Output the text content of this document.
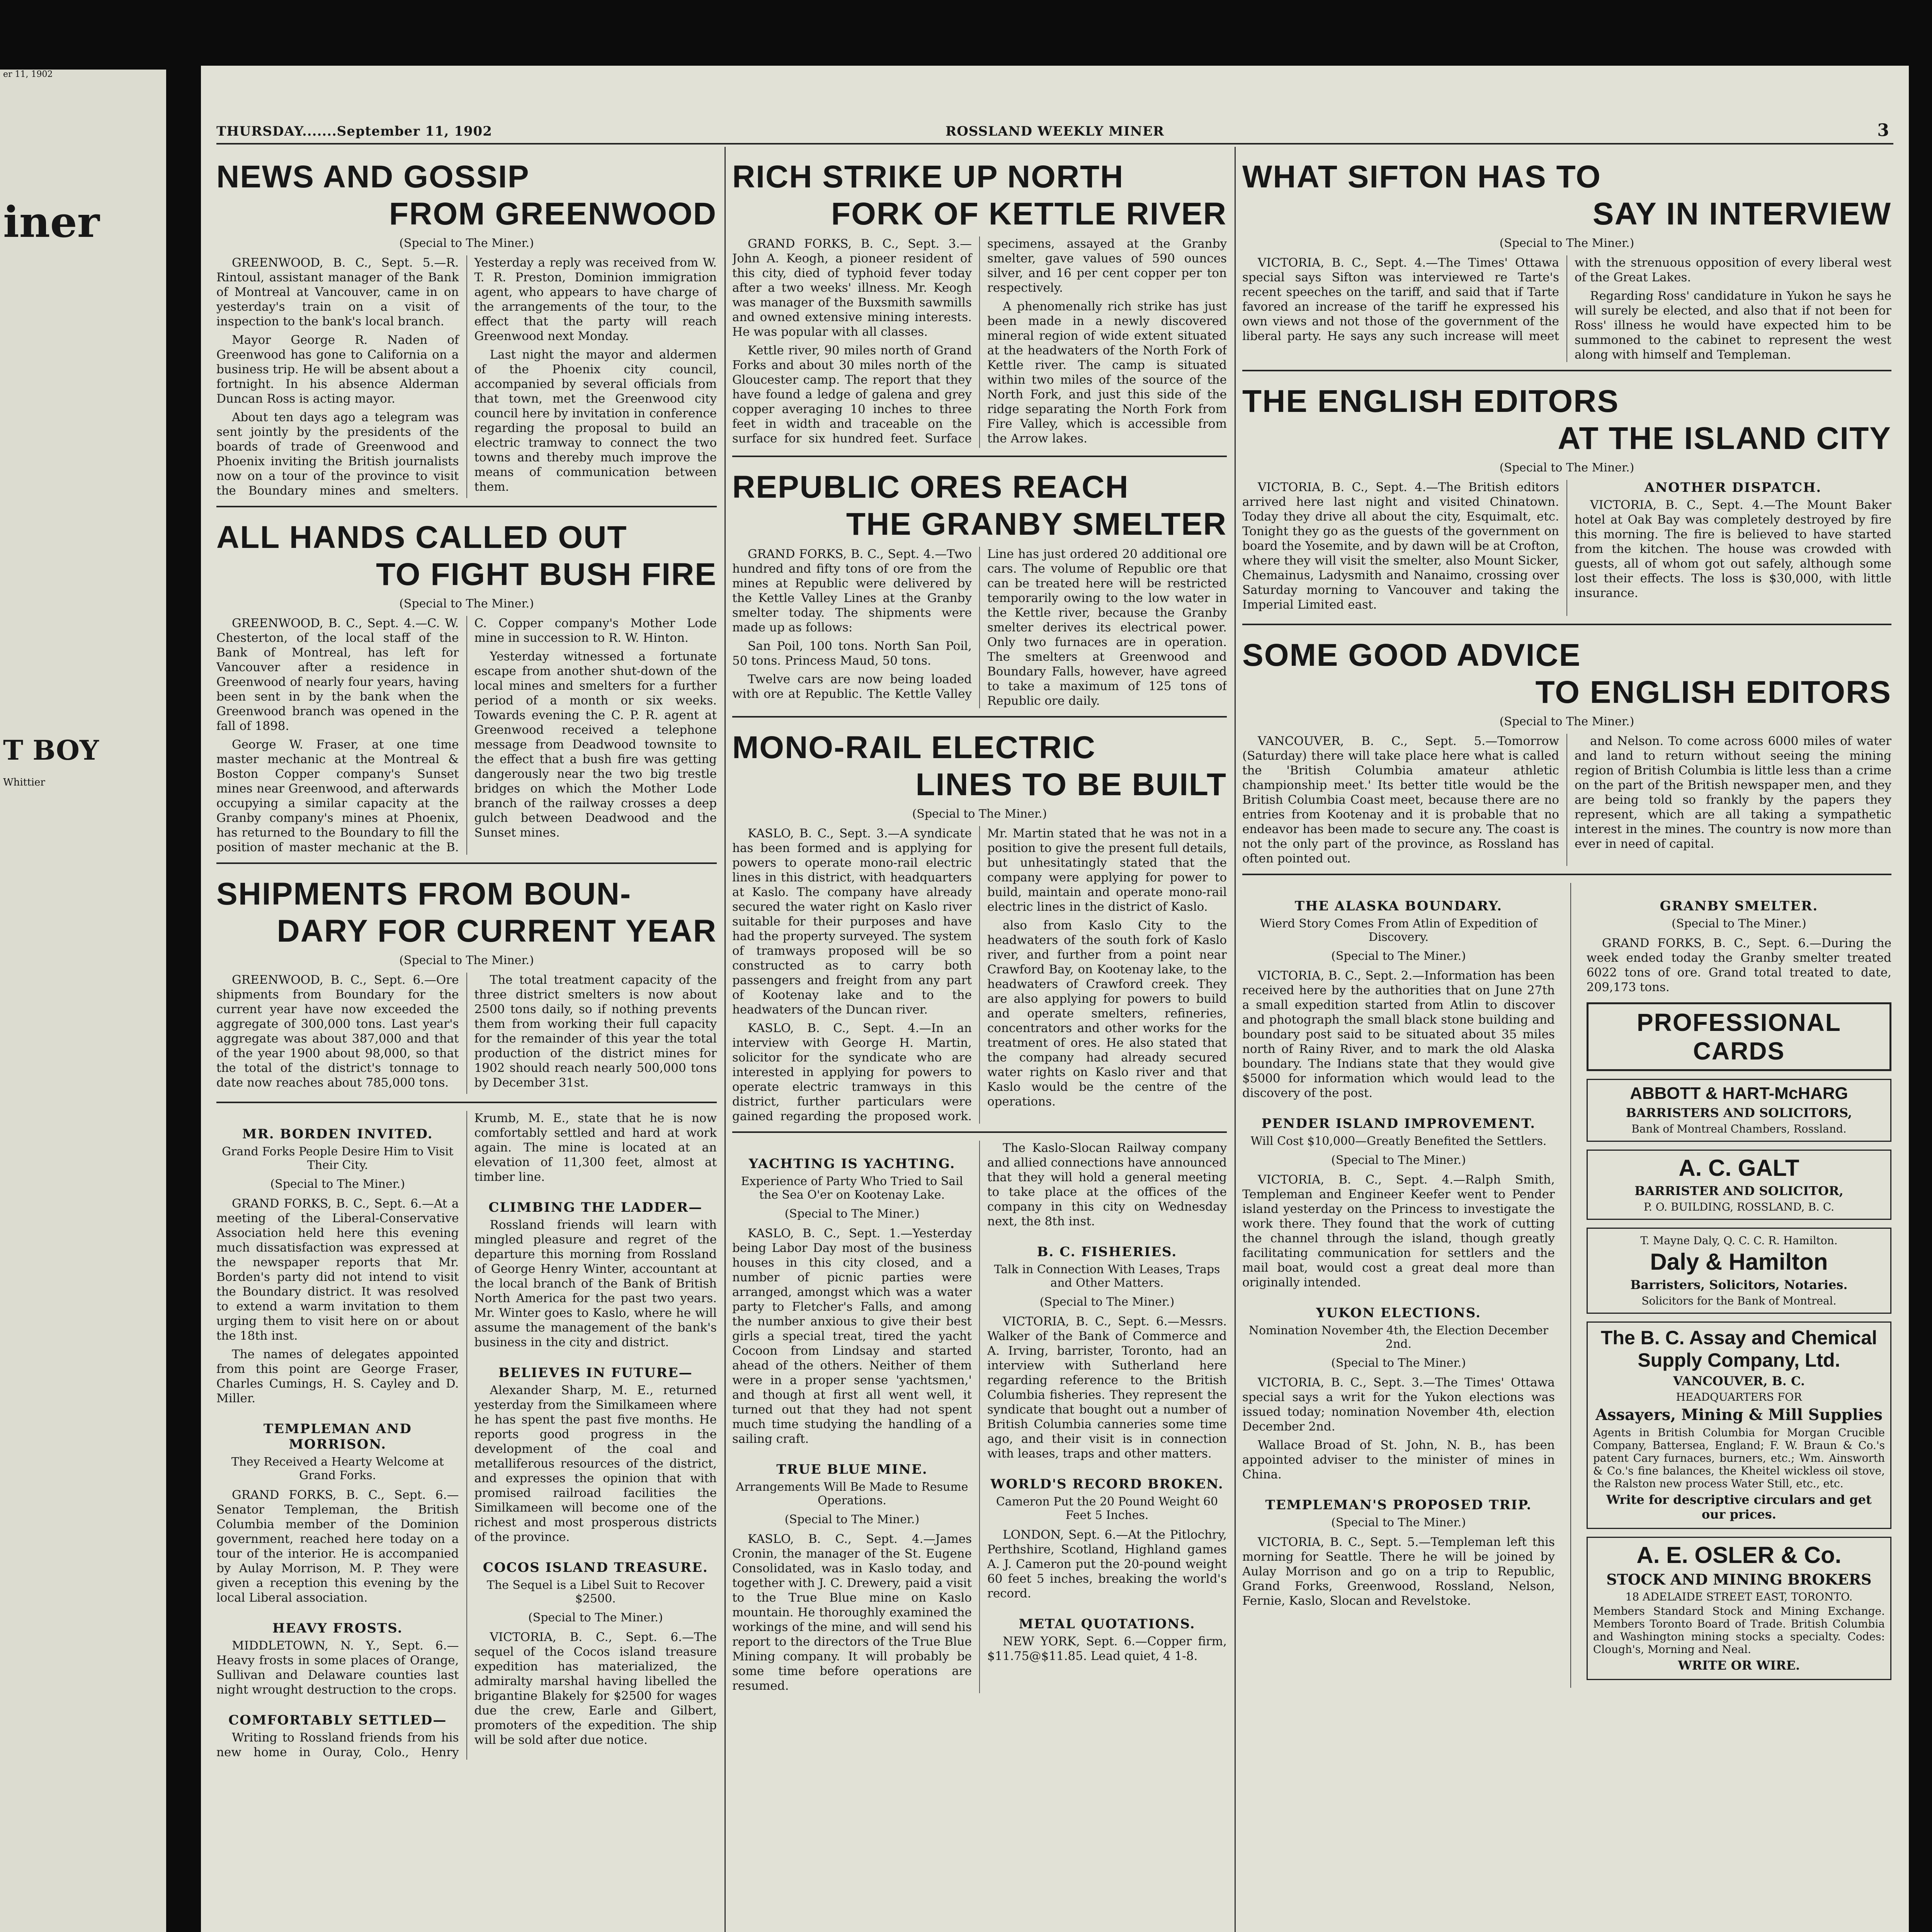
er 11, 1902
iner
T BOY
Whittier
THURSDAY.......September 11, 1902	ROSSLAND WEEKLY MINER	3
NEWS AND GOSSIP
FROM GREENWOOD
(Special to The Miner.)

GREENWOOD, B. C., Sept. 5.—R. Rintoul, assistant manager of the Bank of Montreal at Vancouver, came in on yesterday's train on a visit of inspection to the bank's local branch.

Mayor George R. Naden of Greenwood has gone to California on a business trip. He will be absent about a fortnight. In his absence Alderman Duncan Ross is acting mayor.

About ten days ago a telegram was sent jointly by the presidents of the boards of trade of Greenwood and Phoenix inviting the British journalists now on a tour of the province to visit the Boundary mines and smelters. Yesterday a reply was received from W. T. R. Preston, Dominion immigration agent, who appears to have charge of the arrangements of the tour, to the effect that the party will reach Greenwood next Monday.

Last night the mayor and aldermen of the Phoenix city council, accompanied by several officials from that town, met the Greenwood city council here by invitation in conference regarding the proposal to build an electric tramway to connect the two towns and thereby much improve the means of communication between them.

ALL HANDS CALLED OUT
TO FIGHT BUSH FIRE
(Special to The Miner.)

GREENWOOD, B. C., Sept. 4.—C. W. Chesterton, of the local staff of the Bank of Montreal, has left for Vancouver after a residence in Greenwood of nearly four years, having been sent in by the bank when the Greenwood branch was opened in the fall of 1898.

George W. Fraser, at one time master mechanic at the Montreal & Boston Copper company's Sunset mines near Greenwood, and afterwards occupying a similar capacity at the Granby company's mines at Phoenix, has returned to the Boundary to fill the position of master mechanic at the B. C. Copper company's Mother Lode mine in succession to R. W. Hinton.

Yesterday witnessed a fortunate escape from another shut-down of the local mines and smelters for a further period of a month or six weeks. Towards evening the C. P. R. agent at Greenwood received a telephone message from Deadwood townsite to the effect that a bush fire was getting dangerously near the two big trestle bridges on which the Mother Lode branch of the railway crosses a deep gulch between Deadwood and the Sunset mines.

SHIPMENTS FROM BOUN-
DARY FOR CURRENT YEAR
(Special to The Miner.)

GREENWOOD, B. C., Sept. 6.—Ore shipments from Boundary for the current year have now exceeded the aggregate of 300,000 tons. Last year's aggregate was about 387,000 and that of the year 1900 about 98,000, so that the total of the district's tonnage to date now reaches about 785,000 tons.

The total treatment capacity of the three district smelters is now about 2500 tons daily, so if nothing prevents them from working their full capacity for the remainder of this year the total production of the district mines for 1902 should reach nearly 500,000 tons by December 31st.

MR. BORDEN INVITED.
Grand Forks People Desire Him to Visit Their City.
(Special to The Miner.)

GRAND FORKS, B. C., Sept. 6.—At a meeting of the Liberal-Conservative Association held here this evening much dissatisfaction was expressed at the newspaper reports that Mr. Borden's party did not intend to visit the Boundary district. It was resolved to extend a warm invitation to them urging them to visit here on or about the 18th inst.

The names of delegates appointed from this point are George Fraser, Charles Cumings, H. S. Cayley and D. Miller.

TEMPLEMAN AND MORRISON.
They Received a Hearty Welcome at Grand Forks.

GRAND FORKS, B. C., Sept. 6.—Senator Templeman, the British Columbia member of the Dominion government, reached here today on a tour of the interior. He is accompanied by Aulay Morrison, M. P. They were given a reception this evening by the local Liberal association.

HEAVY FROSTS.

MIDDLETOWN, N. Y., Sept. 6.—Heavy frosts in some places of Orange, Sullivan and Delaware counties last night wrought destruction to the crops.

COMFORTABLY SETTLED—

Writing to Rossland friends from his new home in Ouray, Colo., Henry Krumb, M. E., state that he is now comfortably settled and hard at work again. The mine is located at an elevation of 11,300 feet, almost at timber line.

CLIMBING THE LADDER—

Rossland friends will learn with mingled pleasure and regret of the departure this morning from Rossland of George Henry Winter, accountant at the local branch of the Bank of British North America for the past two years. Mr. Winter goes to Kaslo, where he will assume the management of the bank's business in the city and district.

BELIEVES IN FUTURE—

Alexander Sharp, M. E., returned yesterday from the Similkameen where he has spent the past five months. He reports good progress in the development of the coal and metalliferous resources of the district, and expresses the opinion that with promised railroad facilities the Similkameen will become one of the richest and most prosperous districts of the province.

COCOS ISLAND TREASURE.
The Sequel is a Libel Suit to Recover $2500.
(Special to The Miner.)

VICTORIA, B. C., Sept. 6.—The sequel of the Cocos island treasure expedition has materialized, the admiralty marshal having libelled the brigantine Blakely for $2500 for wages due the crew, Earle and Gilbert, promoters of the expedition. The ship will be sold after due notice.

RICH STRIKE UP NORTH
FORK OF KETTLE RIVER

GRAND FORKS, B. C., Sept. 3.—John A. Keogh, a pioneer resident of this city, died of typhoid fever today after a two weeks' illness. Mr. Keogh was manager of the Buxsmith sawmills and owned extensive mining interests. He was popular with all classes.

Kettle river, 90 miles north of Grand Forks and about 30 miles north of the Gloucester camp. The report that they have found a ledge of galena and grey copper averaging 10 inches to three feet in width and traceable on the surface for six hundred feet. Surface specimens, assayed at the Granby smelter, gave values of 590 ounces silver, and 16 per cent copper per ton respectively.

A phenomenally rich strike has just been made in a newly discovered mineral region of wide extent situated at the headwaters of the North Fork of Kettle river. The camp is situated within two miles of the source of the North Fork, and just this side of the ridge separating the North Fork from Fire Valley, which is accessible from the Arrow lakes.

REPUBLIC ORES REACH
THE GRANBY SMELTER

GRAND FORKS, B. C., Sept. 4.—Two hundred and fifty tons of ore from the mines at Republic were delivered by the Kettle Valley Lines at the Granby smelter today. The shipments were made up as follows:

San Poil, 100 tons. North San Poil, 50 tons. Princess Maud, 50 tons.

Twelve cars are now being loaded with ore at Republic. The Kettle Valley Line has just ordered 20 additional ore cars. The volume of Republic ore that can be treated here will be restricted temporarily owing to the low water in the Kettle river, because the Granby smelter derives its electrical power. Only two furnaces are in operation. The smelters at Greenwood and Boundary Falls, however, have agreed to take a maximum of 125 tons of Republic ore daily.

MONO-RAIL ELECTRIC
LINES TO BE BUILT
(Special to The Miner.)

KASLO, B. C., Sept. 3.—A syndicate has been formed and is applying for powers to operate mono-rail electric lines in this district, with headquarters at Kaslo. The company have already secured the water right on Kaslo river suitable for their purposes and have had the property surveyed. The system of tramways proposed will be so constructed as to carry both passengers and freight from any part of Kootenay lake and to the headwaters of the Duncan river.

KASLO, B. C., Sept. 4.—In an interview with George H. Martin, solicitor for the syndicate who are interested in applying for powers to operate electric tramways in this district, further particulars were gained regarding the proposed work. Mr. Martin stated that he was not in a position to give the present full details, but unhesitatingly stated that the company were applying for power to build, maintain and operate mono-rail electric lines in the district of Kaslo.

also from Kaslo City to the headwaters of the south fork of Kaslo river, and further from a point near Crawford Bay, on Kootenay lake, to the headwaters of Crawford creek. They are also applying for powers to build and operate smelters, refineries, concentrators and other works for the treatment of ores. He also stated that the company had already secured water rights on Kaslo river and that Kaslo would be the centre of the operations.

YACHTING IS YACHTING.
Experience of Party Who Tried to Sail the Sea O'er on Kootenay Lake.
(Special to The Miner.)

KASLO, B. C., Sept. 1.—Yesterday being Labor Day most of the business houses in this city closed, and a number of picnic parties were arranged, amongst which was a water party to Fletcher's Falls, and among the number anxious to give their best girls a special treat, tired the yacht Cocoon from Lindsay and started ahead of the others. Neither of them were in a proper sense 'yachtsmen,' and though at first all went well, it turned out that they had not spent much time studying the handling of a sailing craft.

TRUE BLUE MINE.
Arrangements Will Be Made to Resume Operations.
(Special to The Miner.)

KASLO, B. C., Sept. 4.—James Cronin, the manager of the St. Eugene Consolidated, was in Kaslo today, and together with J. C. Drewery, paid a visit to the True Blue mine on Kaslo mountain. He thoroughly examined the workings of the mine, and will send his report to the directors of the True Blue Mining company. It will probably be some time before operations are resumed.

The Kaslo-Slocan Railway company and allied connections have announced that they will hold a general meeting to take place at the offices of the company in this city on Wednesday next, the 8th inst.

B. C. FISHERIES.
Talk in Connection With Leases, Traps and Other Matters.
(Special to The Miner.)

VICTORIA, B. C., Sept. 6.—Messrs. Walker of the Bank of Commerce and A. Irving, barrister, Toronto, had an interview with Sutherland here regarding reference to the British Columbia fisheries. They represent the syndicate that bought out a number of British Columbia canneries some time ago, and their visit is in connection with leases, traps and other matters.

WORLD'S RECORD BROKEN.
Cameron Put the 20 Pound Weight 60 Feet 5 Inches.

LONDON, Sept. 6.—At the Pitlochry, Perthshire, Scotland, Highland games A. J. Cameron put the 20-pound weight 60 feet 5 inches, breaking the world's record.

METAL QUOTATIONS.

NEW YORK, Sept. 6.—Copper firm, $11.75@$11.85. Lead quiet, 4 1-8.

WHAT SIFTON HAS TO
SAY IN INTERVIEW
(Special to The Miner.)

VICTORIA, B. C., Sept. 4.—The Times' Ottawa special says Sifton was interviewed re Tarte's recent speeches on the tariff, and said that if Tarte favored an increase of the tariff he expressed his own views and not those of the government of the liberal party. He says any such increase will meet with the strenuous opposition of every liberal west of the Great Lakes.

Regarding Ross' candidature in Yukon he says he will surely be elected, and also that if not been for Ross' illness he would have expected him to be summoned to the cabinet to represent the west along with himself and Templeman.

THE ENGLISH EDITORS
AT THE ISLAND CITY
(Special to The Miner.)

VICTORIA, B. C., Sept. 4.—The British editors arrived here last night and visited Chinatown. Today they drive all about the city, Esquimalt, etc. Tonight they go as the guests of the government on board the Yosemite, and by dawn will be at Crofton, where they will visit the smelter, also Mount Sicker, Chemainus, Ladysmith and Nanaimo, crossing over Saturday morning to Vancouver and taking the Imperial Limited east.

ANOTHER DISPATCH.

VICTORIA, B. C., Sept. 4.—The Mount Baker hotel at Oak Bay was completely destroyed by fire this morning. The fire is believed to have started from the kitchen. The house was crowded with guests, all of whom got out safely, although some lost their effects. The loss is $30,000, with little insurance.

SOME GOOD ADVICE
TO ENGLISH EDITORS
(Special to The Miner.)

VANCOUVER, B. C., Sept. 5.—Tomorrow (Saturday) there will take place here what is called the 'British Columbia amateur athletic championship meet.' Its better title would be the British Columbia Coast meet, because there are no entries from Kootenay and it is probable that no endeavor has been made to secure any. The coast is not the only part of the province, as Rossland has often pointed out.

and Nelson. To come across 6000 miles of water and land to return without seeing the mining region of British Columbia is little less than a crime on the part of the British newspaper men, and they are being told so frankly by the papers they represent, which are all taking a sympathetic interest in the mines. The country is now more than ever in need of capital.

THE ALASKA BOUNDARY.
Wierd Story Comes From Atlin of Expedition of Discovery.
(Special to The Miner.)

VICTORIA, B. C., Sept. 2.—Information has been received here by the authorities that on June 27th a small expedition started from Atlin to discover and photograph the small black stone building and boundary post said to be situated about 35 miles north of Rainy River, and to mark the old Alaska boundary. The Indians state that they would give $5000 for information which would lead to the discovery of the post.

PENDER ISLAND IMPROVEMENT.
Will Cost $10,000—Greatly Benefited the Settlers.
(Special to The Miner.)

VICTORIA, B. C., Sept. 4.—Ralph Smith, Templeman and Engineer Keefer went to Pender island yesterday on the Princess to investigate the work there. They found that the work of cutting the channel through the island, though greatly facilitating communication for settlers and the mail boat, would cost a great deal more than originally intended.

YUKON ELECTIONS.
Nomination November 4th, the Election December 2nd.
(Special to The Miner.)

VICTORIA, B. C., Sept. 3.—The Times' Ottawa special says a writ for the Yukon elections was issued today; nomination November 4th, election December 2nd.

Wallace Broad of St. John, N. B., has been appointed adviser to the minister of mines in China.

TEMPLEMAN'S PROPOSED TRIP.
(Special to The Miner.)

VICTORIA, B. C., Sept. 5.—Templeman left this morning for Seattle. There he will be joined by Aulay Morrison and go on a trip to Republic, Grand Forks, Greenwood, Rossland, Nelson, Fernie, Kaslo, Slocan and Revelstoke.

GRANBY SMELTER.
(Special to The Miner.)

GRAND FORKS, B. C., Sept. 6.—During the week ended today the Granby smelter treated 6022 tons of ore. Grand total treated to date, 209,173 tons.

PROFESSIONAL CARDS
ABBOTT & HART-McHARG
BARRISTERS AND SOLICITORS,
Bank of Montreal Chambers, Rossland.
A. C. GALT
BARRISTER AND SOLICITOR,
P. O. BUILDING, ROSSLAND, B. C.
T. Mayne Daly, Q. C. C. R. Hamilton.
Daly & Hamilton
Barristers, Solicitors, Notaries.
Solicitors for the Bank of Montreal.
The B. C. Assay and Chemical Supply Company, Ltd.
VANCOUVER, B. C.
HEADQUARTERS FOR
Assayers, Mining & Mill Supplies
Agents in British Columbia for Morgan Crucible Company, Battersea, England; F. W. Braun & Co.'s patent Cary furnaces, burners, etc.; Wm. Ainsworth & Co.'s fine balances, the Kheitel wickless oil stove, the Ralston new process Water Still, etc., etc.
Write for descriptive circulars and get our prices.
A. E. OSLER & Co.
STOCK AND MINING BROKERS
18 ADELAIDE STREET EAST, TORONTO.
Members Standard Stock and Mining Exchange. Members Toronto Board of Trade. British Columbia and Washington mining stocks a specialty. Codes: Clough's, Morning and Neal.
WRITE OR WIRE.
